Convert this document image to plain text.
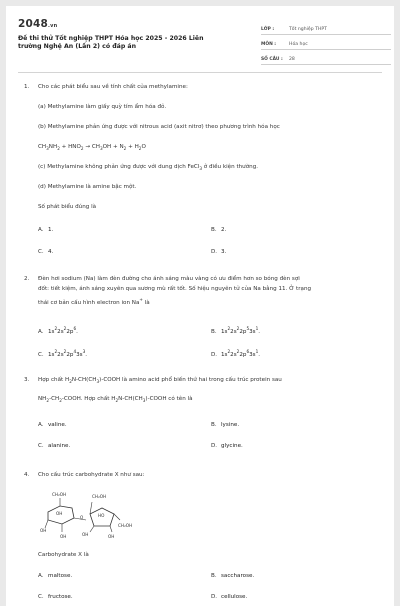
2048.vn
Đề thi thử Tốt nghiệp THPT Hóa học 2025 - 2026 Liên
trường Nghệ An (Lần 2) có đáp án
LỚP :	Tốt nghiệp THPT
MÔN :	Hóa học
SỐ CÂU :	28
1. Cho các phát biểu sau về tính chất của methylamine:
(a) Methylamine làm giấy quỳ tím ẩm hóa đỏ.
(b) Methylamine phản ứng được với nitrous acid (axit nitrơ) theo phương trình hóa học
$CH_3NH_2 + HNO_2 \to CH_3OH + N_2 + H_2O$
(c) Methylamine không phản ứng được với dung dịch FeCl$_3$ ở điều kiện thường.
(d) Methylamine là amine bậc một.
Số phát biểu đúng là
A. 1.	B. 2.
C. 4.	D. 3.
2. Đèn hơi sodium (Na) làm đèn đường cho ánh sáng màu vàng có ưu điểm hơn so bóng đèn sợi
đốt: tiết kiệm, ánh sáng xuyên qua sương mù rất tốt. Số hiệu nguyên tử của Na bằng 11. Ở trạng
thái cơ bản cấu hình electron ion Na+ là
A. $1s^22s^22p^6$.	B. $1s^22s^22p^53s^1$.
C. $1s^22s^22p^43s^3$.	D. $1s^22s^22p^63s^1$.
3. Hợp chất $H_2N-CH(CH_3)$-COOH là amino acid phổ biến thứ hai trong cấu trúc protein sau
$NH_2-CH_2$-COOH. Hợp chất $H_2N-CH(CH_3)$-COOH có tên là
A. valine.	B. lysine.
C. alanine.	D. glycine.
4. Cho cấu trúc carbohydrate X như sau:
CH₂OH
OH
OH
OH
O
CH₂OH
HO
CH₂OH
OH	OH
Carbohydrate X là
A. maltose.	B. saccharose.
C. fructose.	D. cellulose.
